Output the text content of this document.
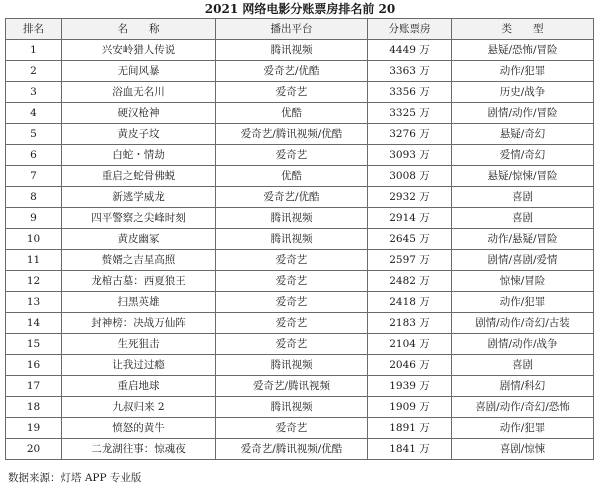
2021 网络电影分账票房排名前 20
排名	名　　称	播出平台	分账票房	类　　型
1	兴安岭猎人传说	腾讯视频	4449 万	悬疑/恐怖/冒险
2	无间风暴	爱奇艺/优酷	3363 万	动作/犯罪
3	浴血无名川	爱奇艺	3356 万	历史/战争
4	硬汉枪神	优酷	3325 万	剧情/动作/冒险
5	黄皮子坟	爱奇艺/腾讯视频/优酷	3276 万	悬疑/奇幻
6	白蛇・情劫	爱奇艺	3093 万	爱情/奇幻
7	重启之蛇骨佛蜕	优酷	3008 万	悬疑/惊悚/冒险
8	新逃学威龙	爱奇艺/优酷	2932 万	喜剧
9	四平警察之尖峰时刻	腾讯视频	2914 万	喜剧
10	黄皮幽冢	腾讯视频	2645 万	动作/悬疑/冒险
11	赘婿之吉星高照	爱奇艺	2597 万	剧情/喜剧/爱情
12	龙棺古墓：西夏狼王	爱奇艺	2482 万	惊悚/冒险
13	扫黑英雄	爱奇艺	2418 万	动作/犯罪
14	封神榜：决战万仙阵	爱奇艺	2183 万	剧情/动作/奇幻/古装
15	生死狙击	爱奇艺	2104 万	剧情/动作/战争
16	让我过过瘾	腾讯视频	2046 万	喜剧
17	重启地球	爱奇艺/腾讯视频	1939 万	剧情/科幻
18	九叔归来 2	腾讯视频	1909 万	喜剧/动作/奇幻/恐怖
19	愤怒的黄牛	爱奇艺	1891 万	动作/犯罪
20	二龙湖往事：惊魂夜	爱奇艺/腾讯视频/优酷	1841 万	喜剧/惊悚
数据来源：灯塔 APP 专业版
